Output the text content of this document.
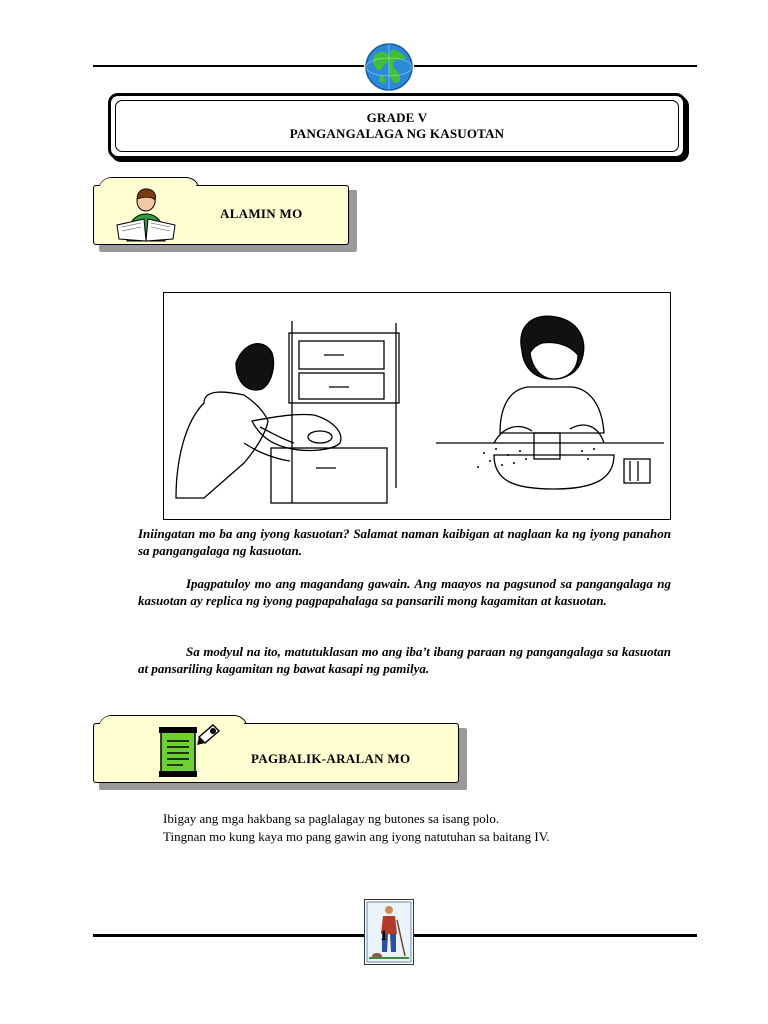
GRADE V
PANGANGALAGA NG KASUOTAN
ALAMIN MO
Iniingatan mo ba ang iyong kasuotan? Salamat naman kaibigan at naglaan ka ng iyong panahon sa pangangalaga ng kasuotan.
Ipagpatuloy mo ang magandang gawain. Ang maayos na pagsunod sa pangangalaga ng kasuotan ay replica ng iyong pagpapahalaga sa pansarili mong kagamitan at kasuotan.
Sa modyul na ito, matutuklasan mo ang iba’t ibang paraan ng pangangalaga sa kasuotan at pansariling kagamitan ng bawat kasapi ng pamilya.
PAGBALIK-ARALAN MO
Ibigay ang mga hakbang sa paglalagay ng butones sa isang polo.
Tingnan mo kung kaya mo pang gawin ang iyong natutuhan sa baitang IV.
1
